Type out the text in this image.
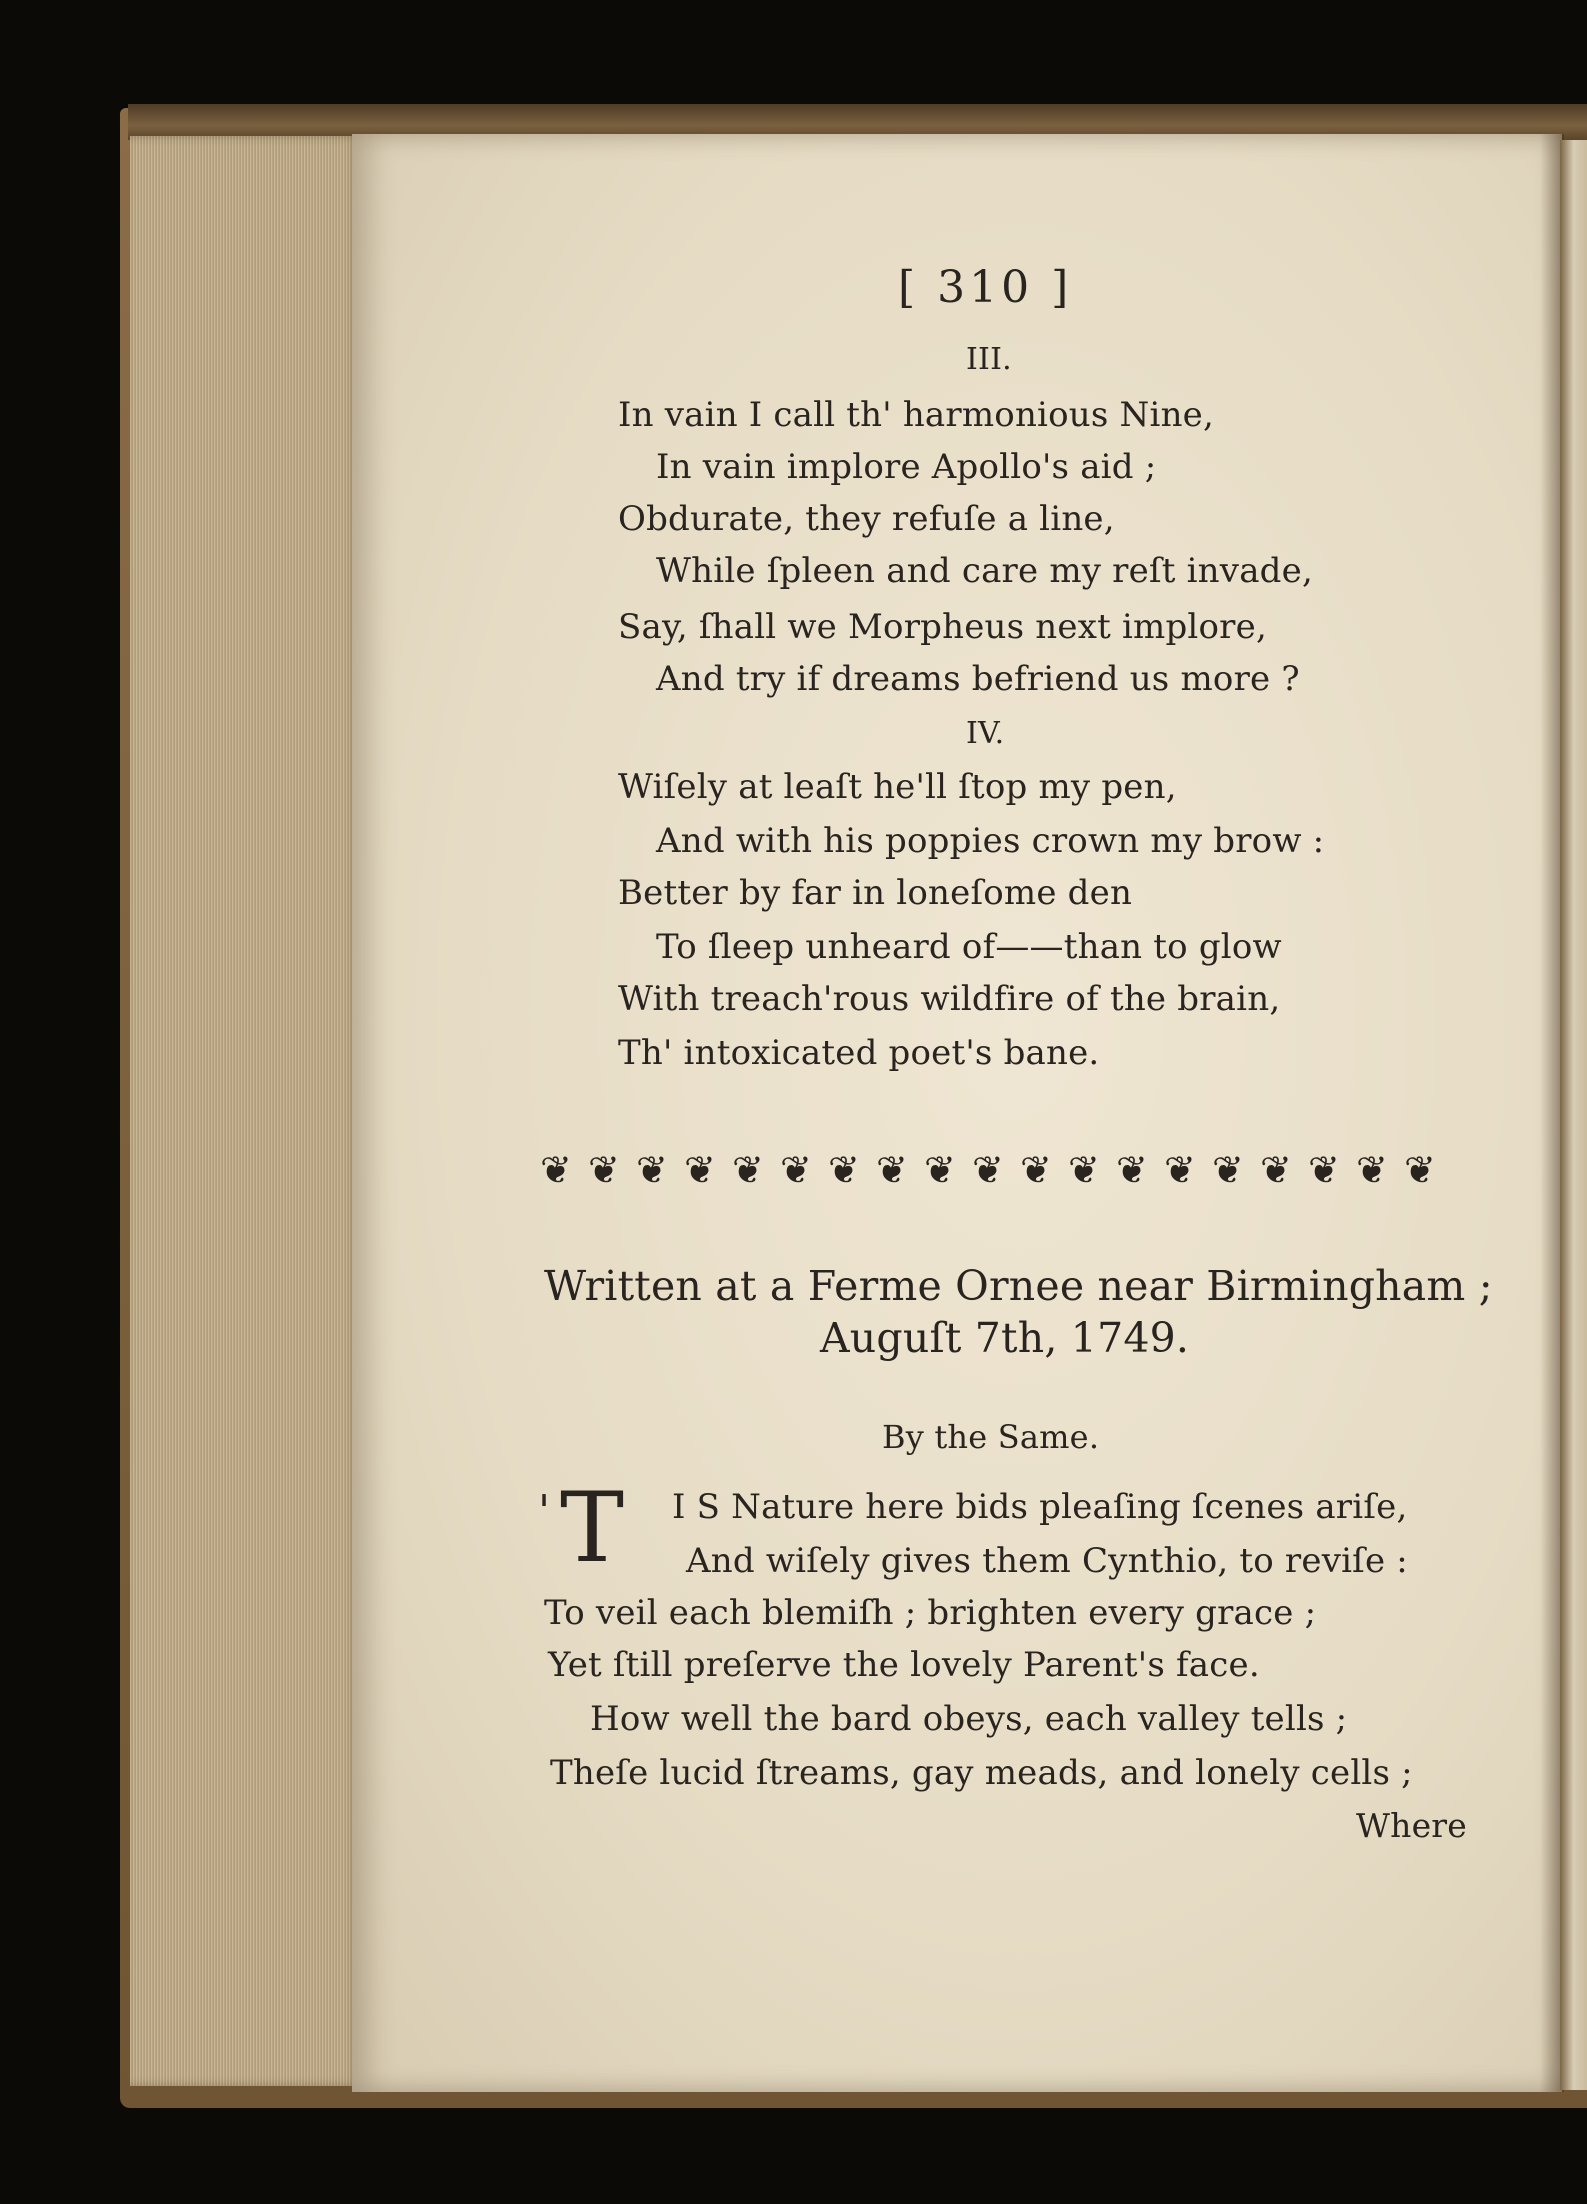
[ 310 ]
III.
In vain I call th' harmonious Nine,
In vain implore Apollo's aid ;
Obdurate, they refuſe a line,
While ſpleen and care my reſt invade,
Say, ſhall we Morpheus next implore,
And try if dreams befriend us more ?
IV.
Wiſely at leaſt he'll ſtop my pen,
And with his poppies crown my brow :
Better by far in loneſome den
To ſleep unheard of——than to glow
With treach'rous wildfire of the brain,
Th' intoxicated poet's bane.
❦ ❦ ❦ ❦ ❦ ❦ ❦ ❦ ❦ ❦ ❦ ❦ ❦ ❦ ❦ ❦ ❦ ❦ ❦
Written at a Ferme Ornee near Birmingham ;
Auguſt 7th, 1749.
By the Same.
' T I S Nature here bids pleaſing ſcenes ariſe,
And wiſely gives them Cynthio, to reviſe :
To veil each blemiſh ; brighten every grace ;
Yet ſtill preſerve the lovely Parent's face.
How well the bard obeys, each valley tells ;
Theſe lucid ſtreams, gay meads, and lonely cells ;
Where
